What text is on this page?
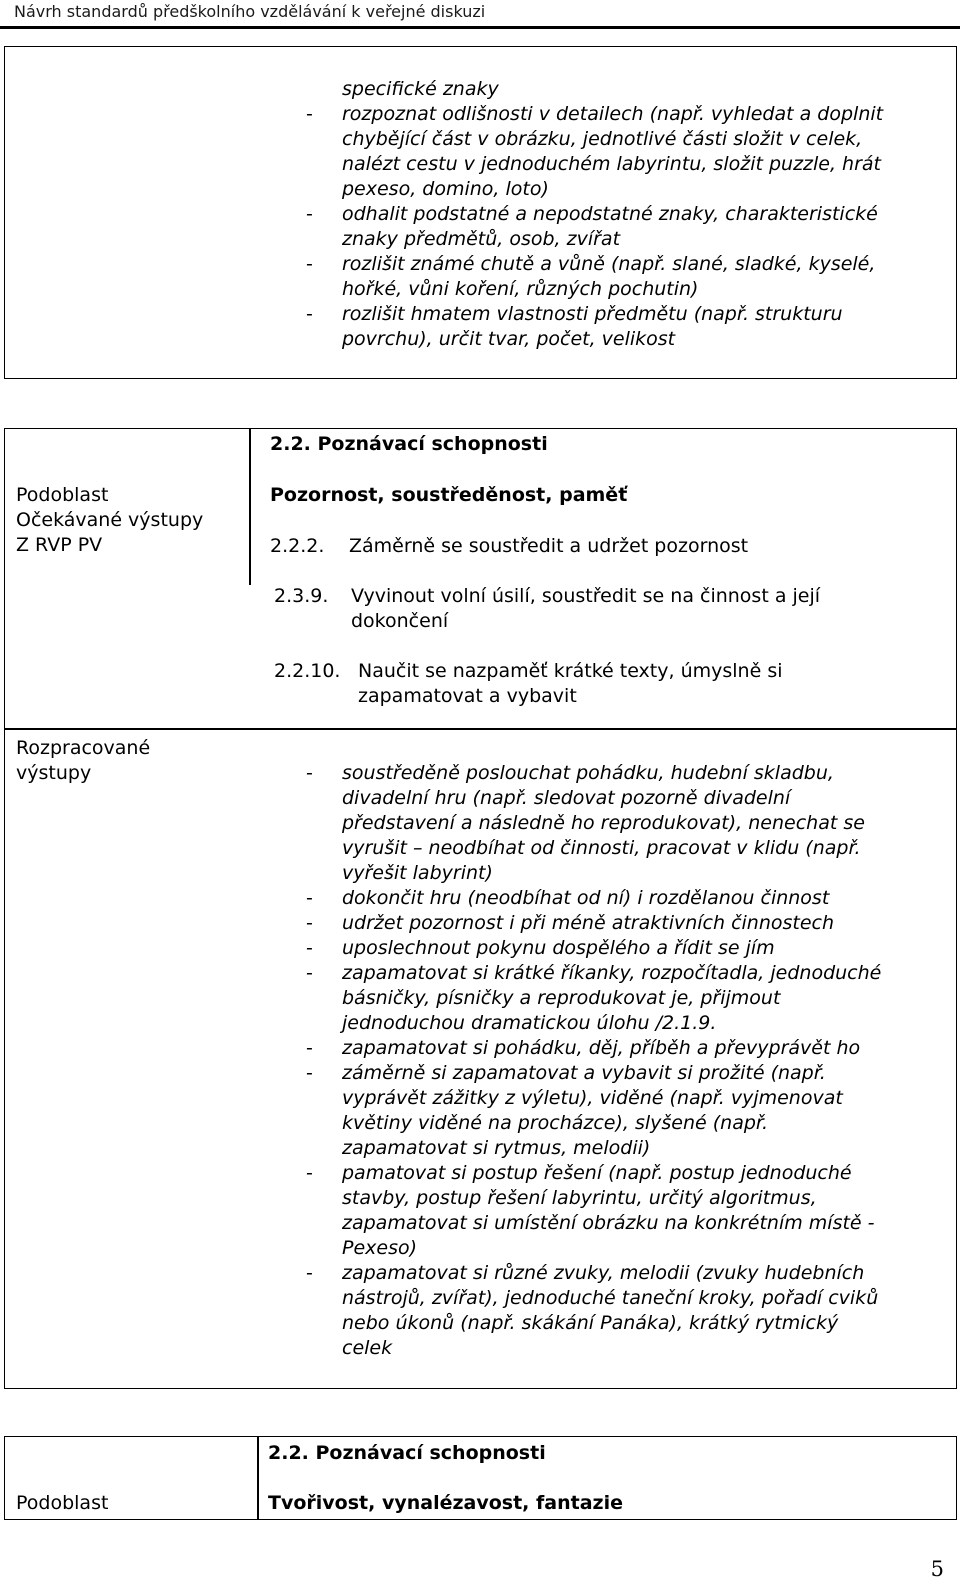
Návrh standardů předškolního vzdělávání k veřejné diskuzi
specifické znaky
- rozpoznat odlišnosti v detailech (např. vyhledat a doplnit
chybějící část v obrázku, jednotlivé části složit v celek,
nalézt cestu v jednoduchém labyrintu, složit puzzle, hrát
pexeso, domino, loto)
- odhalit podstatné a nepodstatné znaky, charakteristické
znaky předmětů, osob, zvířat
- rozlišit známé chutě a vůně (např. slané, sladké, kyselé,
hořké, vůni koření, různých pochutin)
- rozlišit hmatem vlastnosti předmětu (např. strukturu
povrchu), určit tvar, počet, velikost
2.2. Poznávací schopnosti
Podoblast
Očekávané výstupy
Z RVP PV
Pozornost, soustředěnost, paměť
2.2.2. Záměrně se soustředit a udržet pozornost
2.3.9. Vyvinout volní úsilí, soustředit se na činnost a její
dokončení
2.2.10. Naučit se nazpaměť krátké texty, úmyslně si
zapamatovat a vybavit
Rozpracované
výstupy	- soustředěně poslouchat pohádku, hudební skladbu,
divadelní hru (např. sledovat pozorně divadelní
představení a následně ho reprodukovat), nenechat se
vyrušit – neodbíhat od činnosti, pracovat v klidu (např.
vyřešit labyrint)
- dokončit hru (neodbíhat od ní) i rozdělanou činnost
- udržet pozornost i při méně atraktivních činnostech
- uposlechnout pokynu dospělého a řídit se jím
- zapamatovat si krátké říkanky, rozpočítadla, jednoduché
básničky, písničky a reprodukovat je, přijmout
jednoduchou dramatickou úlohu /2.1.9.
- zapamatovat si pohádku, děj, příběh a převyprávět ho
- záměrně si zapamatovat a vybavit si prožité (např.
vyprávět zážitky z výletu), viděné (např. vyjmenovat
květiny viděné na procházce), slyšené (např.
zapamatovat si rytmus, melodii)
- pamatovat si postup řešení (např. postup jednoduché
stavby, postup řešení labyrintu, určitý algoritmus,
zapamatovat si umístění obrázku na konkrétním místě -
Pexeso)
- zapamatovat si různé zvuky, melodii (zvuky hudebních
nástrojů, zvířat), jednoduché taneční kroky, pořadí cviků
nebo úkonů (např. skákání Panáka), krátký rytmický
celek
2.2. Poznávací schopnosti
Podoblast	Tvořivost, vynalézavost, fantazie
5
